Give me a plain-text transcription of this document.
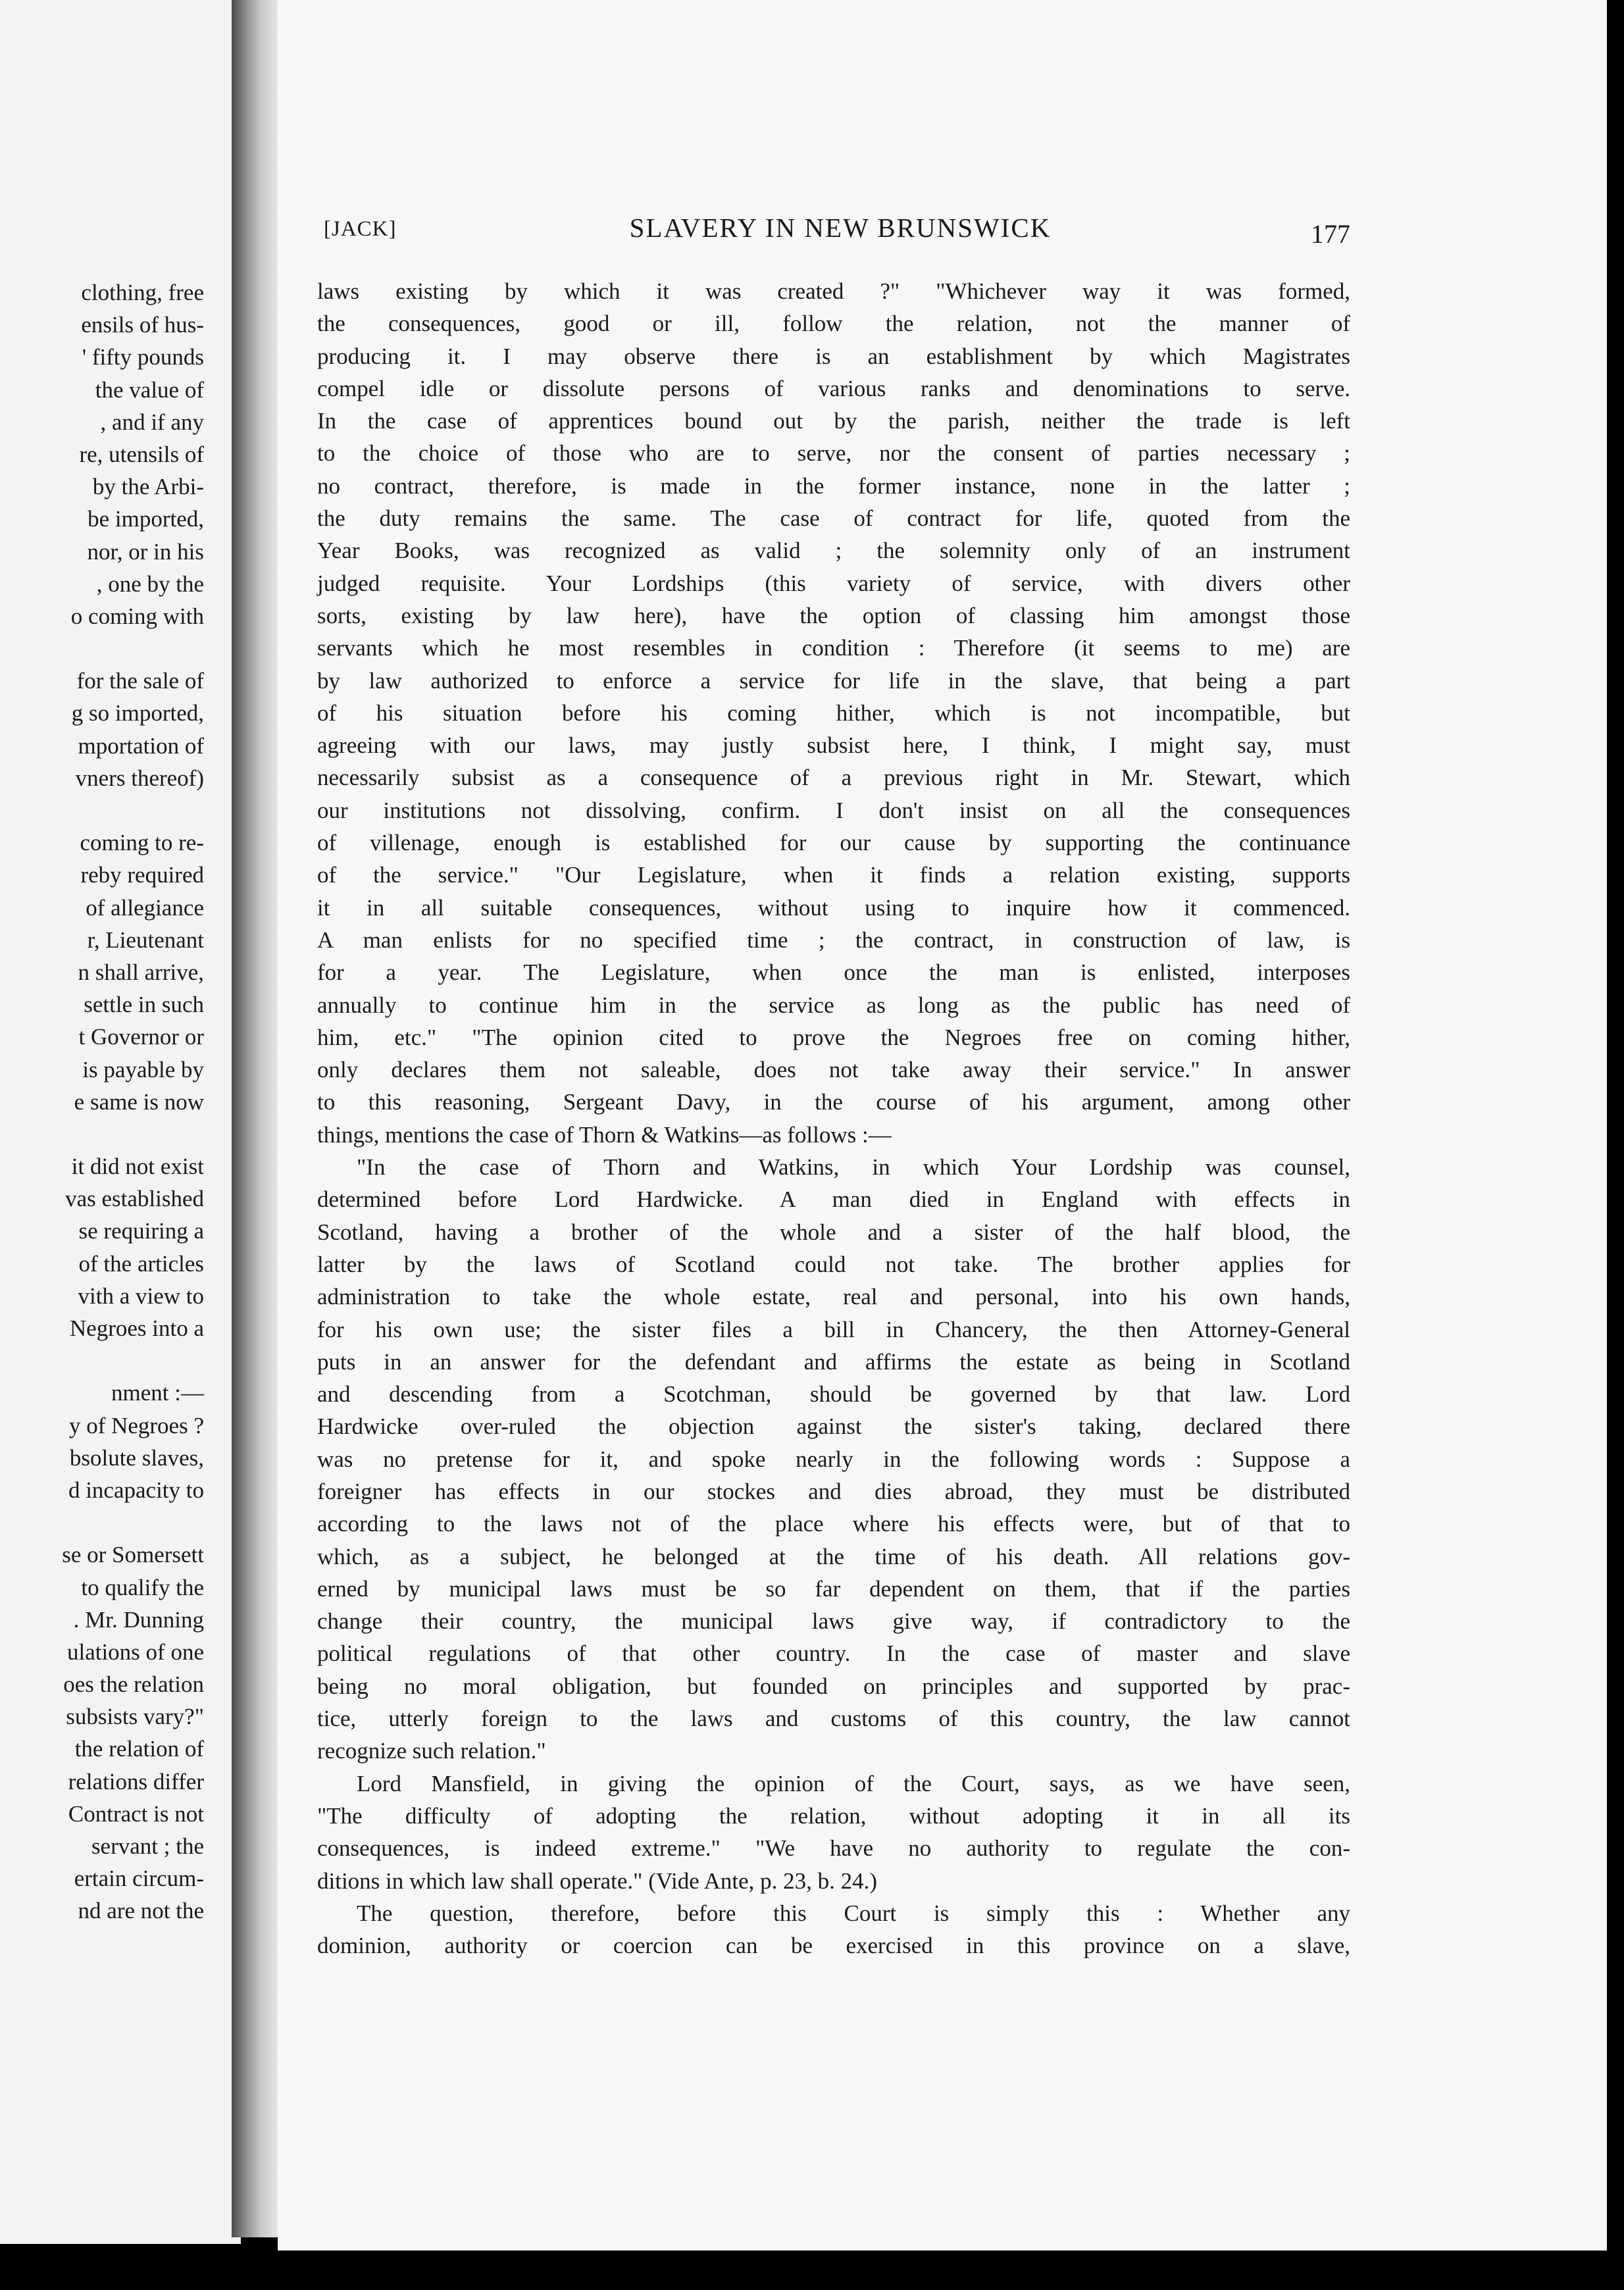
clothing, free
ensils of hus-
' fifty pounds
the value of
, and if any
re, utensils of
by the Arbi-
be imported,
nor, or in his
, one by the
o coming with
for the sale of
g so imported,
mportation of
vners thereof)
coming to re-
reby required
of allegiance
r, Lieutenant
n shall arrive,
settle in such
t Governor or
is payable by
e same is now
it did not exist
vas established
se requiring a
of the articles
vith a view to
Negroes into a
nment :—
y of Negroes ?
bsolute slaves,
d incapacity to
se or Somersett
to qualify the
. Mr. Dunning
ulations of one
oes the relation
subsists vary?"
the relation of
relations differ
Contract is not
servant ; the
ertain circum-
nd are not the
[JACK]	SLAVERY IN NEW BRUNSWICK	177
laws existing by which it was created ?" "Whichever way it was formed,
the consequences, good or ill, follow the relation, not the manner of
producing it. I may observe there is an establishment by which Magistrates
compel idle or dissolute persons of various ranks and denominations to serve.
In the case of apprentices bound out by the parish, neither the trade is left
to the choice of those who are to serve, nor the consent of parties necessary ;
no contract, therefore, is made in the former instance, none in the latter ;
the duty remains the same. The case of contract for life, quoted from the
Year Books, was recognized as valid ; the solemnity only of an instrument
judged requisite. Your Lordships (this variety of service, with divers other
sorts, existing by law here), have the option of classing him amongst those
servants which he most resembles in condition : Therefore (it seems to me) are
by law authorized to enforce a service for life in the slave, that being a part
of his situation before his coming hither, which is not incompatible, but
agreeing with our laws, may justly subsist here, I think, I might say, must
necessarily subsist as a consequence of a previous right in Mr. Stewart, which
our institutions not dissolving, confirm. I don't insist on all the consequences
of villenage, enough is established for our cause by supporting the continuance
of the service." "Our Legislature, when it finds a relation existing, supports
it in all suitable consequences, without using to inquire how it commenced.
A man enlists for no specified time ; the contract, in construction of law, is
for a year. The Legislature, when once the man is enlisted, interposes
annually to continue him in the service as long as the public has need of
him, etc." "The opinion cited to prove the Negroes free on coming hither,
only declares them not saleable, does not take away their service." In answer
to this reasoning, Sergeant Davy, in the course of his argument, among other
things, mentions the case of Thorn & Watkins—as follows :—
"In the case of Thorn and Watkins, in which Your Lordship was counsel,
determined before Lord Hardwicke. A man died in England with effects in
Scotland, having a brother of the whole and a sister of the half blood, the
latter by the laws of Scotland could not take. The brother applies for
administration to take the whole estate, real and personal, into his own hands,
for his own use; the sister files a bill in Chancery, the then Attorney-General
puts in an answer for the defendant and affirms the estate as being in Scotland
and descending from a Scotchman, should be governed by that law. Lord
Hardwicke over-ruled the objection against the sister's taking, declared there
was no pretense for it, and spoke nearly in the following words : Suppose a
foreigner has effects in our stockes and dies abroad, they must be distributed
according to the laws not of the place where his effects were, but of that to
which, as a subject, he belonged at the time of his death. All relations gov-
erned by municipal laws must be so far dependent on them, that if the parties
change their country, the municipal laws give way, if contradictory to the
political regulations of that other country. In the case of master and slave
being no moral obligation, but founded on principles and supported by prac-
tice, utterly foreign to the laws and customs of this country, the law cannot
recognize such relation."
Lord Mansfield, in giving the opinion of the Court, says, as we have seen,
"The difficulty of adopting the relation, without adopting it in all its
consequences, is indeed extreme." "We have no authority to regulate the con-
ditions in which law shall operate." (Vide Ante, p. 23, b. 24.)
The question, therefore, before this Court is simply this : Whether any
dominion, authority or coercion can be exercised in this province on a slave,
